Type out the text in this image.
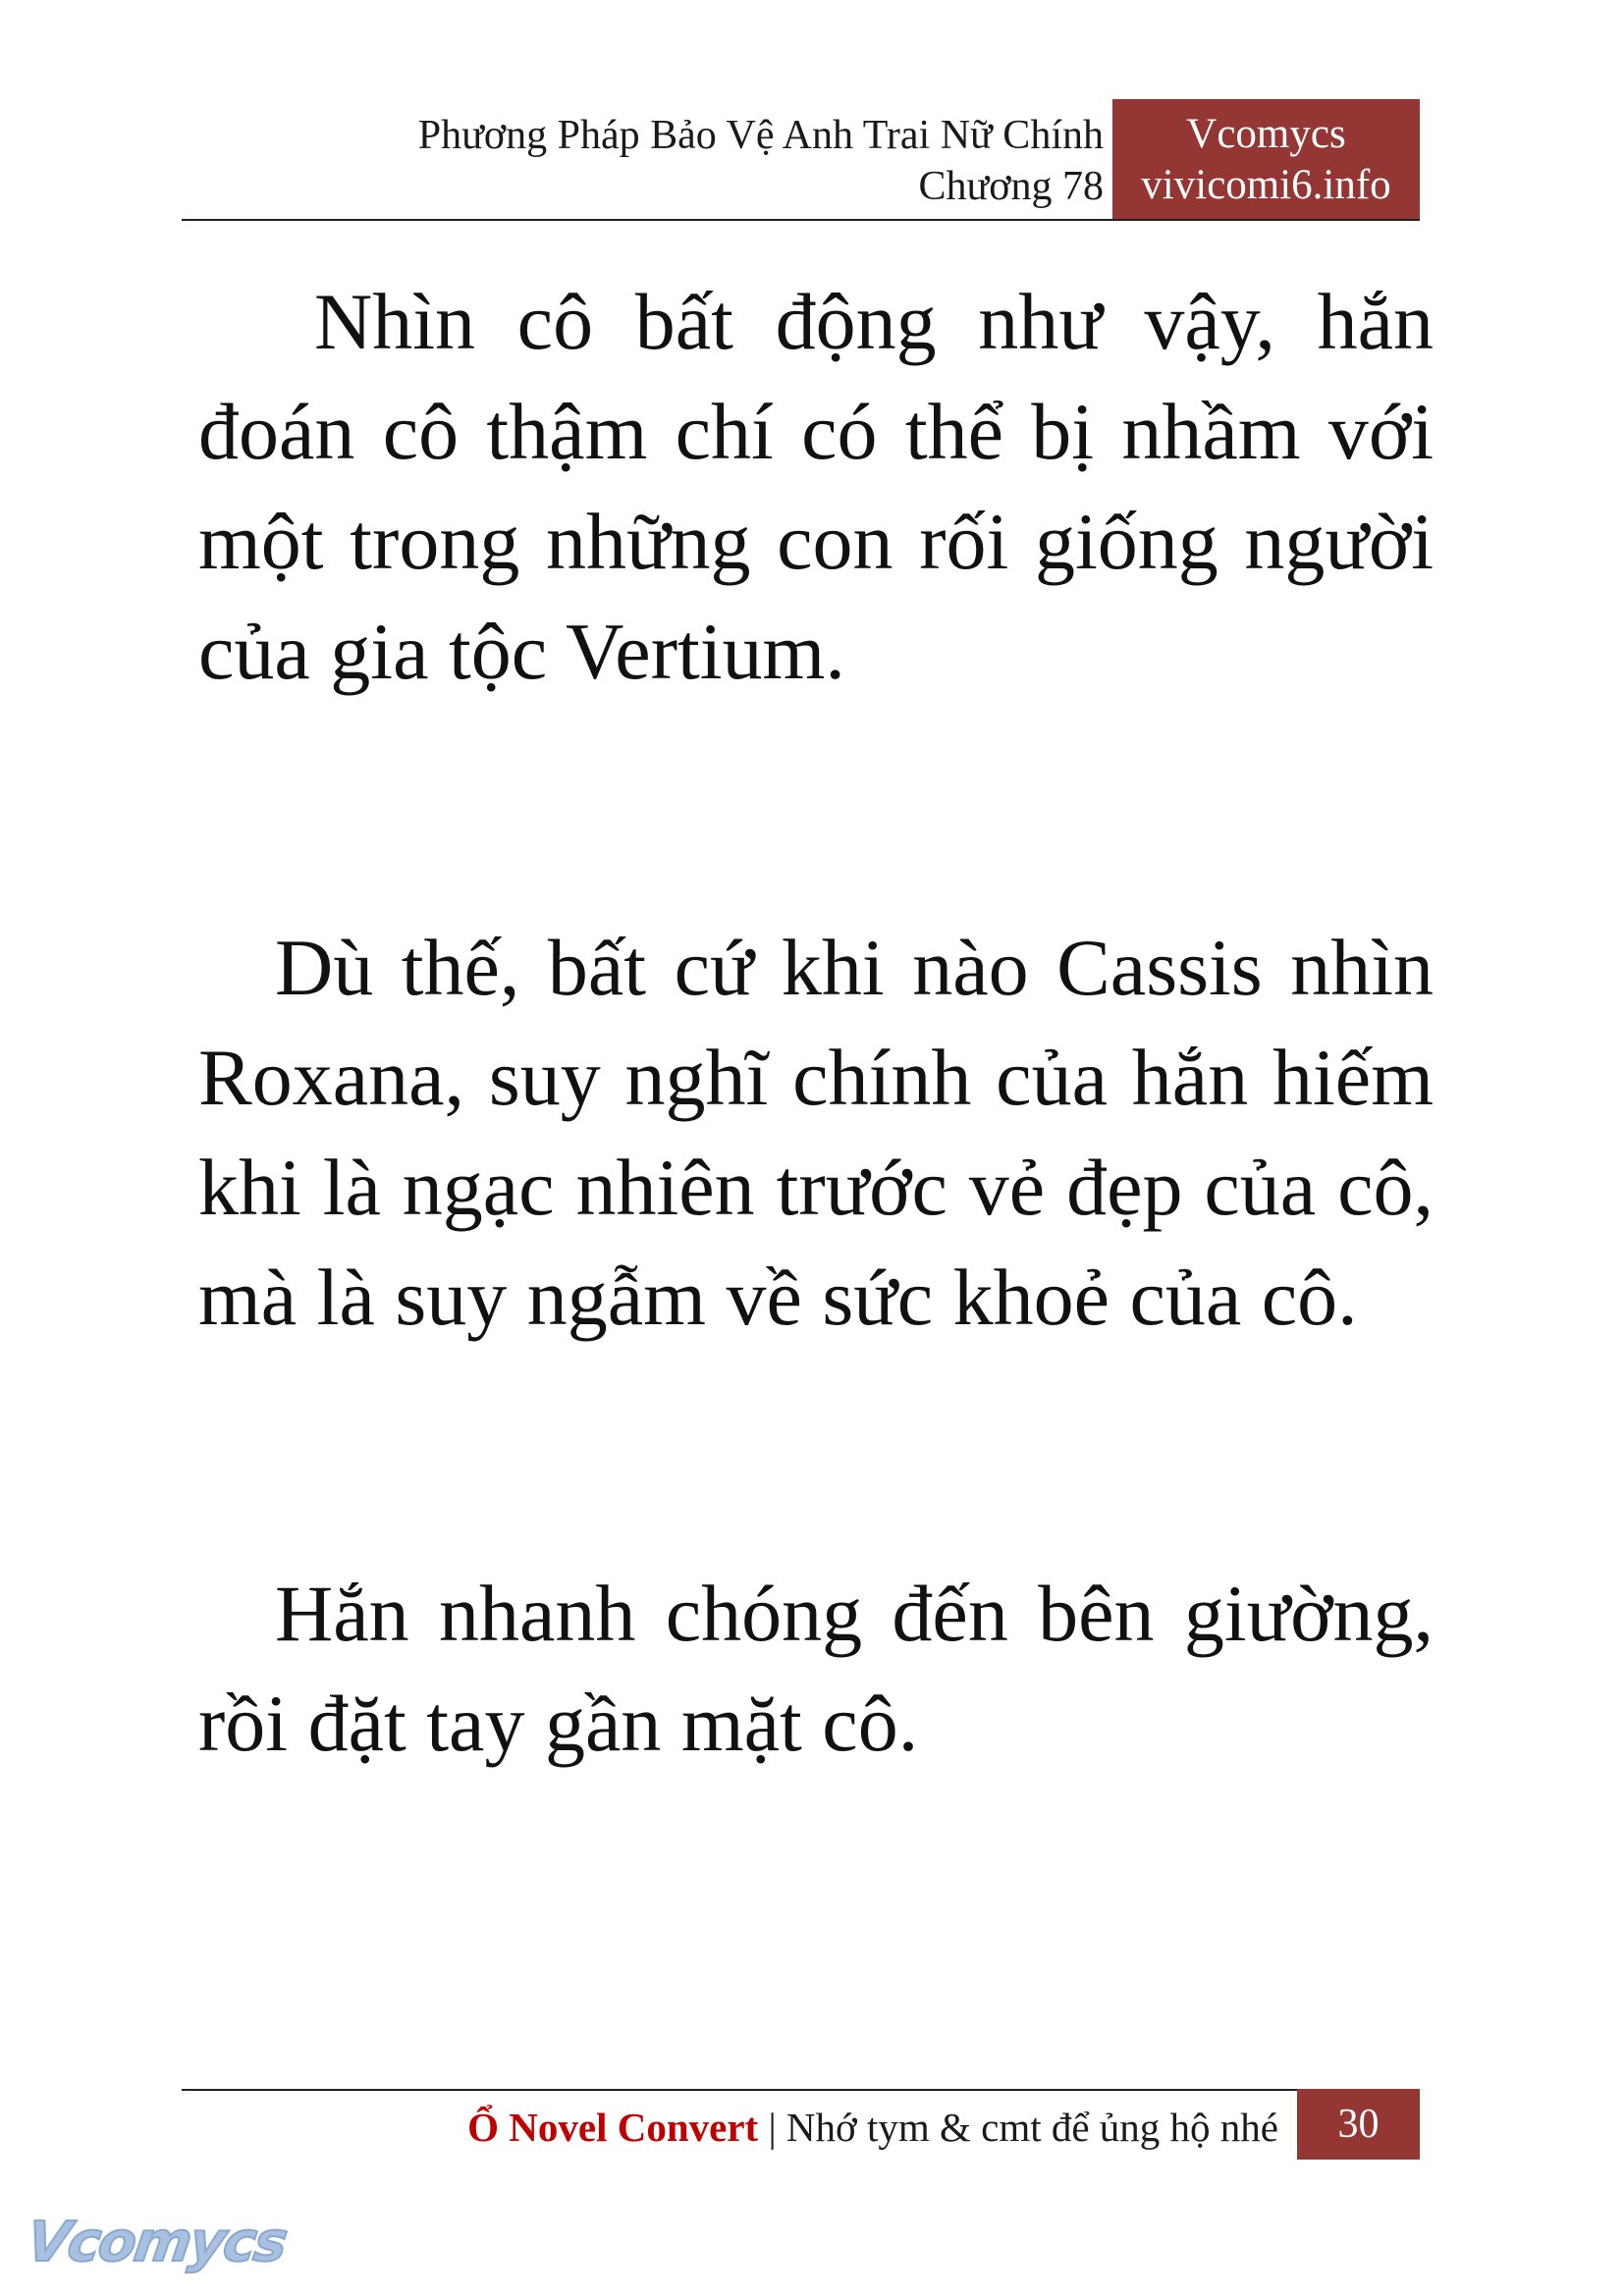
Phương Pháp Bảo Vệ Anh Trai Nữ Chính
Chương 78
Vcomycs
vivicomi6.info

Nhìn cô bất động như vậy, hắn đoán cô thậm chí có thể bị nhầm với một trong những con rối giống người của gia tộc Vertium.

Dù thế, bất cứ khi nào Cassis nhìn Roxana, suy nghĩ chính của hắn hiếm khi là ngạc nhiên trước vẻ đẹp của cô, mà là suy ngẫm về sức khoẻ của cô.

Hắn nhanh chóng đến bên giường, rồi đặt tay gần mặt cô.

Ổ Novel Convert | Nhớ tym & cmt để ủng hộ nhé	30
Vcomycs
